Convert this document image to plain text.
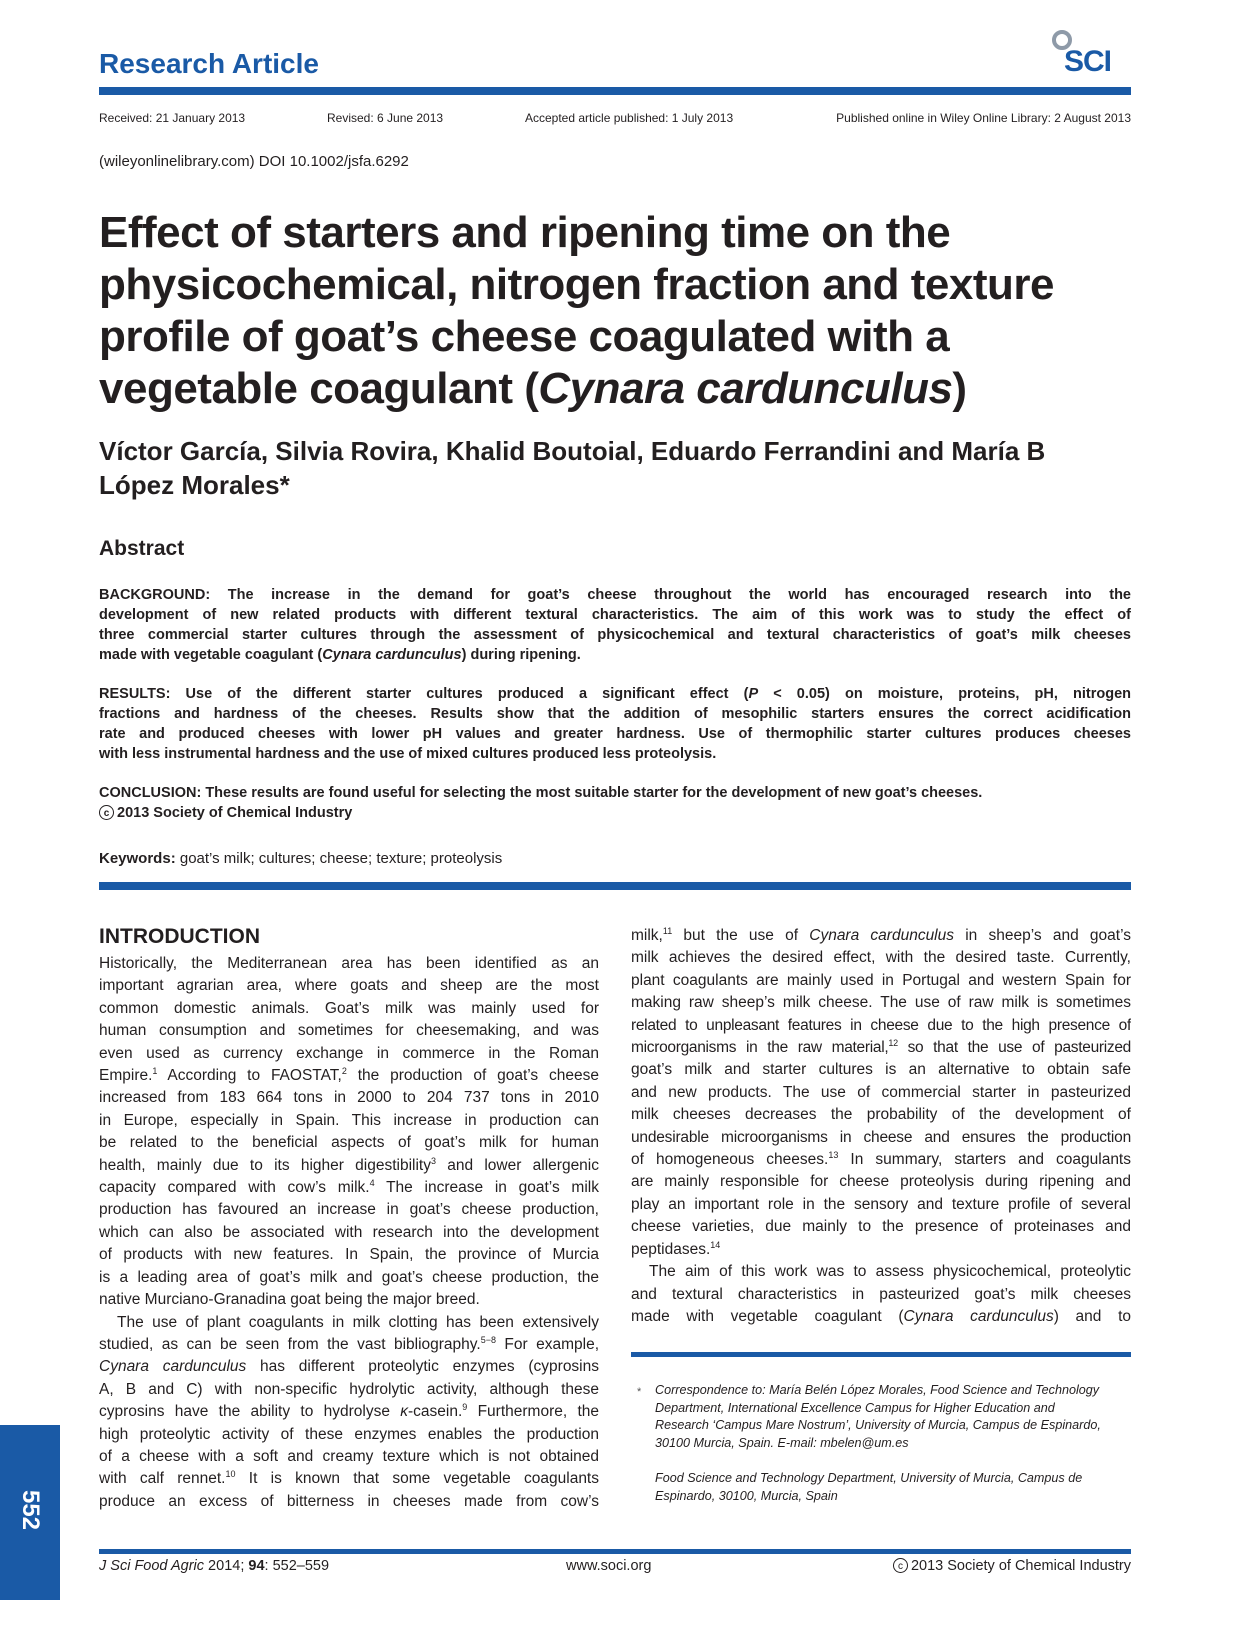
Research Article	SCI
Received: 21 January 2013	Revised: 6 June 2013	Accepted article published: 1 July 2013	Published online in Wiley Online Library: 2 August 2013
(wileyonlinelibrary.com) DOI 10.1002/jsfa.6292
Effect of starters and ripening time on the
physicochemical, nitrogen fraction and texture
profile of goat’s cheese coagulated with a
vegetable coagulant (Cynara cardunculus)
Víctor García, Silvia Rovira, Khalid Boutoial, Eduardo Ferrandini and María B
López Morales*
Abstract
BACKGROUND: The increase in the demand for goat’s cheese throughout the world has encouraged research into the
development of new related products with different textural characteristics. The aim of this work was to study the effect of
three commercial starter cultures through the assessment of physicochemical and textural characteristics of goat’s milk cheeses
made with vegetable coagulant (Cynara cardunculus) during ripening.
RESULTS: Use of the different starter cultures produced a significant effect (P < 0.05) on moisture, proteins, pH, nitrogen
fractions and hardness of the cheeses. Results show that the addition of mesophilic starters ensures the correct acidification
rate and produced cheeses with lower pH values and greater hardness. Use of thermophilic starter cultures produces cheeses
with less instrumental hardness and the use of mixed cultures produced less proteolysis.
CONCLUSION: These results are found useful for selecting the most suitable starter for the development of new goat’s cheeses.
c 2013 Society of Chemical Industry
Keywords: goat’s milk; cultures; cheese; texture; proteolysis
INTRODUCTION
Historically, the Mediterranean area has been identified as an
important agrarian area, where goats and sheep are the most
common domestic animals. Goat’s milk was mainly used for
human consumption and sometimes for cheesemaking, and was
even used as currency exchange in commerce in the Roman
Empire.$^1$ According to FAOSTAT,$^2$ the production of goat’s cheese
increased from 183 664 tons in 2000 to 204 737 tons in 2010
in Europe, especially in Spain. This increase in production can
be related to the beneficial aspects of goat’s milk for human
health, mainly due to its higher digestibility$^3$ and lower allergenic
capacity compared with cow’s milk.$^4$ The increase in goat’s milk
production has favoured an increase in goat’s cheese production,
which can also be associated with research into the development
of products with new features. In Spain, the province of Murcia
is a leading area of goat’s milk and goat’s cheese production, the
native Murciano-Granadina goat being the major breed.
The use of plant coagulants in milk clotting has been extensively
studied, as can be seen from the vast bibliography.$^{5-8}$ For example,
Cynara cardunculus has different proteolytic enzymes (cyprosins
A, B and C) with non-specific hydrolytic activity, although these
cyprosins have the ability to hydrolyse κ-casein.$^9$ Furthermore, the
high proteolytic activity of these enzymes enables the production
of a cheese with a soft and creamy texture which is not obtained
with calf rennet.$^{10}$ It is known that some vegetable coagulants
produce an excess of bitterness in cheeses made from cow’s
milk,$^{11}$ but the use of Cynara cardunculus in sheep’s and goat’s
milk achieves the desired effect, with the desired taste. Currently,
plant coagulants are mainly used in Portugal and western Spain for
making raw sheep’s milk cheese. The use of raw milk is sometimes
related to unpleasant features in cheese due to the high presence of
microorganisms in the raw material,$^{12}$ so that the use of pasteurized
goat’s milk and starter cultures is an alternative to obtain safe
and new products. The use of commercial starter in pasteurized
milk cheeses decreases the probability of the development of
undesirable microorganisms in cheese and ensures the production
of homogeneous cheeses.$^{13}$ In summary, starters and coagulants
are mainly responsible for cheese proteolysis during ripening and
play an important role in the sensory and texture profile of several
cheese varieties, due mainly to the presence of proteinases and
peptidases.$^{14}$
The aim of this work was to assess physicochemical, proteolytic
and textural characteristics in pasteurized goat’s milk cheeses
made with vegetable coagulant (Cynara cardunculus) and to
* Correspondence to: María Belén López Morales, Food Science and Technology
Department, International Excellence Campus for Higher Education and
Research ‘Campus Mare Nostrum’, University of Murcia, Campus de Espinardo,
30100 Murcia, Spain. E-mail: mbelen@um.es
Food Science and Technology Department, University of Murcia, Campus de
Espinardo, 30100, Murcia, Spain
J Sci Food Agric 2014; 94: 552–559	www.soci.org	c 2013 Society of Chemical Industry
552
